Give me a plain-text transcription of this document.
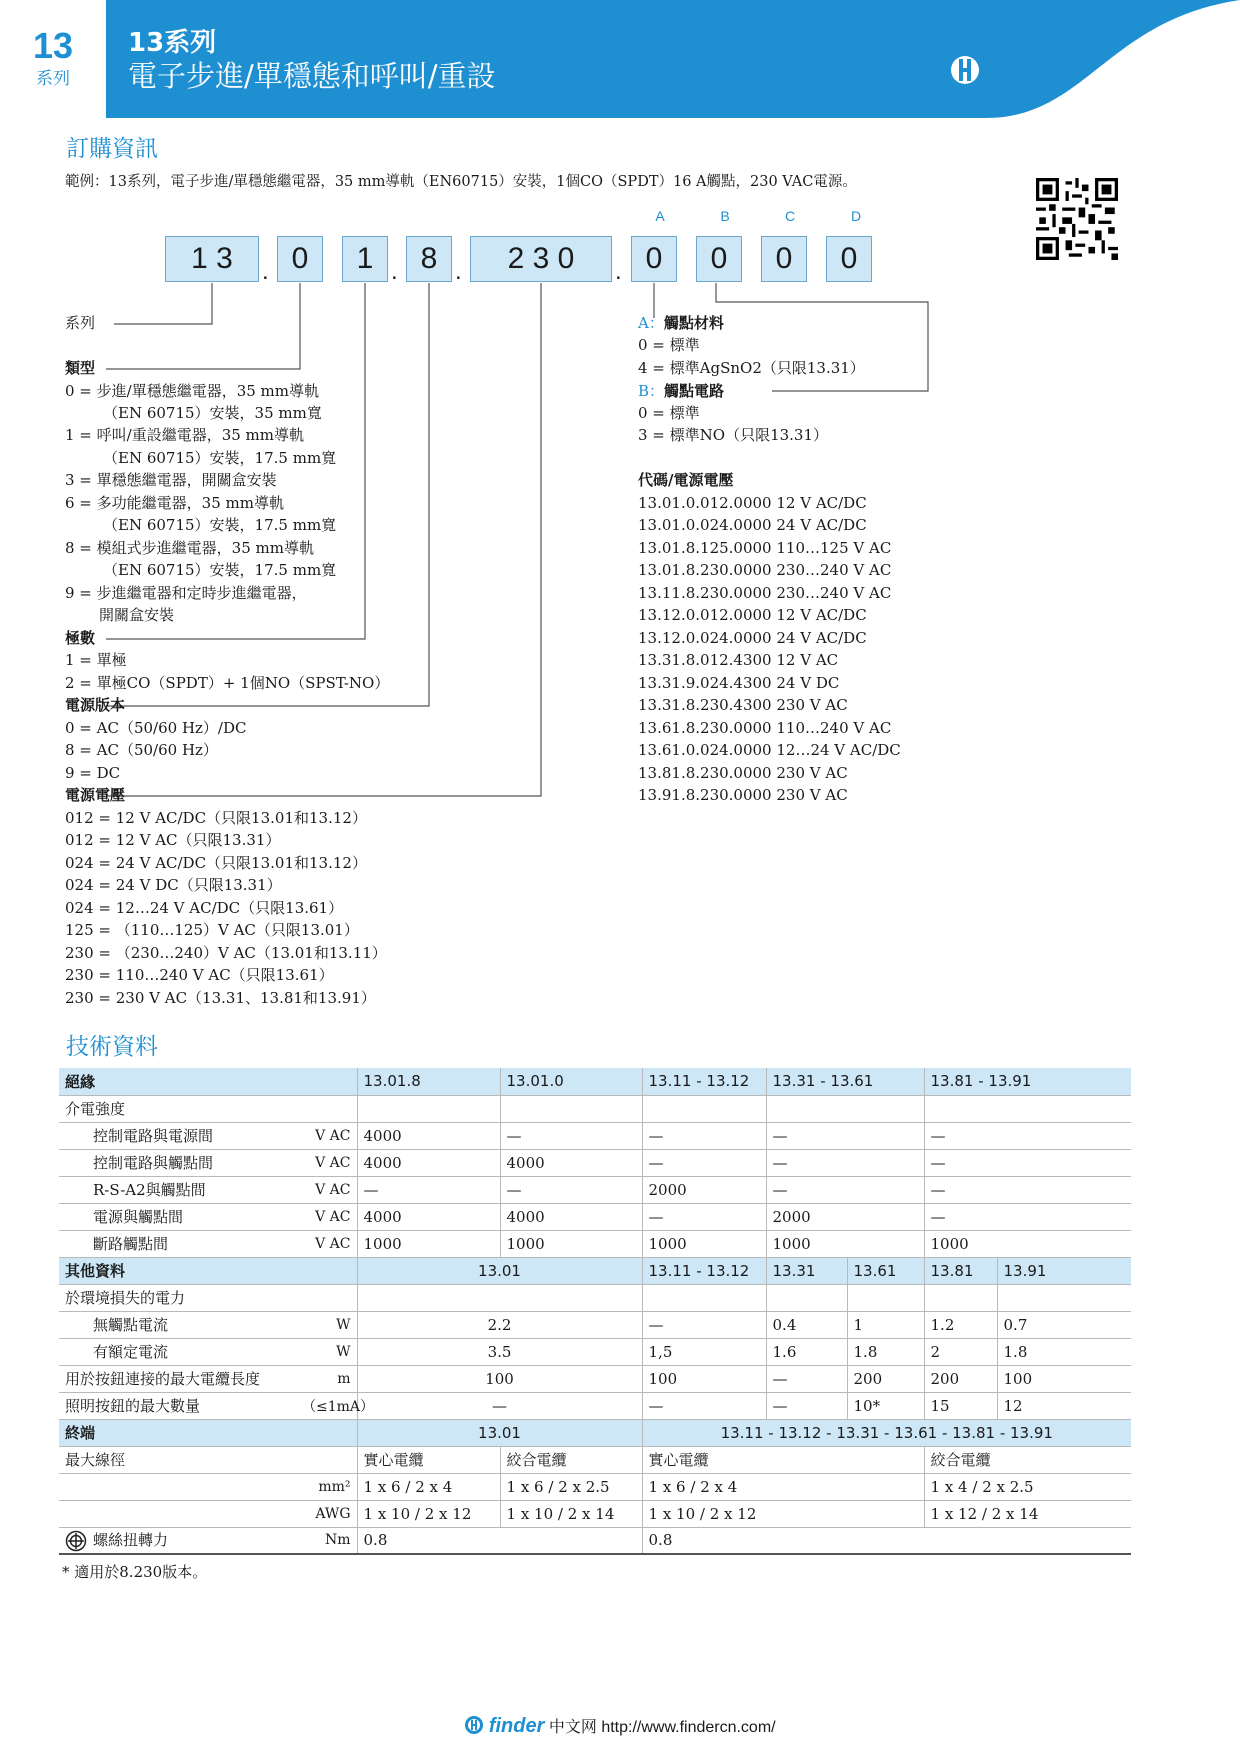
13
系列
13系列
電子步進/單穩態和呼叫/重設	finder
訂購資訊
範例：13系列，電子步進/單穩態繼電器，35 mm導軌（EN60715）安裝，1個CO（SPDT）16 A觸點，230 VAC電源。
A	B	C	D
1 3	. 0	1 . 8 .	2 3 0	. 0	0	0	0
系列
類型
0 = 步進/單穩態繼電器，35 mm導軌
（EN 60715）安裝，35 mm寬
1 = 呼叫/重設繼電器，35 mm導軌
（EN 60715）安裝，17.5 mm寬
3 = 單穩態繼電器，開關盒安裝
6 = 多功能繼電器，35 mm導軌
（EN 60715）安裝，17.5 mm寬
8 = 模組式步進繼電器，35 mm導軌
（EN 60715）安裝，17.5 mm寬
9 = 步進繼電器和定時步進繼電器，
開關盒安裝
極數
1 = 單極
2 = 單極CO（SPDT）+ 1個NO（SPST-NO）
電源版本
0 = AC（50/60 Hz）/DC
8 = AC（50/60 Hz）
9 = DC
電源電壓
012 = 12 V AC/DC（只限13.01和13.12）
012 = 12 V AC（只限13.31）
024 = 24 V AC/DC（只限13.01和13.12）
024 = 24 V DC（只限13.31）
024 = 12…24 V AC/DC（只限13.61）
125 = （110…125）V AC（只限13.01）
230 = （230…240）V AC（13.01和13.11）
230 = 110…240 V AC（只限13.61）
230 = 230 V AC（13.31、13.81和13.91）
A：觸點材料
0 = 標準
4 = 標準AgSnO2（只限13.31）
B：觸點電路
0 = 標準
3 = 標準NO（只限13.31）
代碼/電源電壓
13.01.0.012.0000 12 V AC/DC
13.01.0.024.0000 24 V AC/DC
13.01.8.125.0000 110…125 V AC
13.01.8.230.0000 230…240 V AC
13.11.8.230.0000 230…240 V AC
13.12.0.012.0000 12 V AC/DC
13.12.0.024.0000 24 V AC/DC
13.31.8.012.4300 12 V AC
13.31.9.024.4300 24 V DC
13.31.8.230.4300 230 V AC
13.61.8.230.0000 110…240 V AC
13.61.0.024.0000 12…24 V AC/DC
13.81.8.230.0000 230 V AC
13.91.8.230.0000 230 V AC
技術資料
絕緣		13.01.8	13.01.0	13.11 - 13.12	13.31 - 13.61		13.81 - 13.91	
介電強度								
控制電路與電源間	V AC	4000	—	—	—		—	
控制電路與觸點間	V AC	4000	4000	—	—		—	
R-S-A2與觸點間	V AC	—	—	2000	—		—	
電源與觸點間	V AC	4000	4000	—	2000		—	
斷路觸點間	V AC	1000	1000	1000	1000		1000	
其他資料		13.01		13.11 - 13.12	13.31	13.61	13.81	13.91
於環境損失的電力								
無觸點電流	W	2.2		—	0.4	1	1.2	0.7
有額定電流	W	3.5		1,5	1.6	1.8	2	1.8
用於按鈕連接的最大電纜長度	m	100		100	—	200	200	100
照明按鈕的最大數量	（≤1mA）	—		—	—	10*	15	12
終端		13.01		13.11 - 13.12 - 13.31 - 13.61 - 13.81 - 13.91				
最大線徑		實心電纜	絞合電纜	實心電纜			絞合電纜	
	mm²	1 x 6 / 2 x 4	1 x 6 / 2 x 2.5	1 x 6 / 2 x 4			1 x 4 / 2 x 2.5	
	AWG	1 x 10 / 2 x 12	1 x 10 / 2 x 14	1 x 10 / 2 x 12			1 x 12 / 2 x 14	
螺絲扭轉力	Nm	0.8		0.8				
* 適用於8.230版本。
finder 中文网 http://www.findercn.com/
